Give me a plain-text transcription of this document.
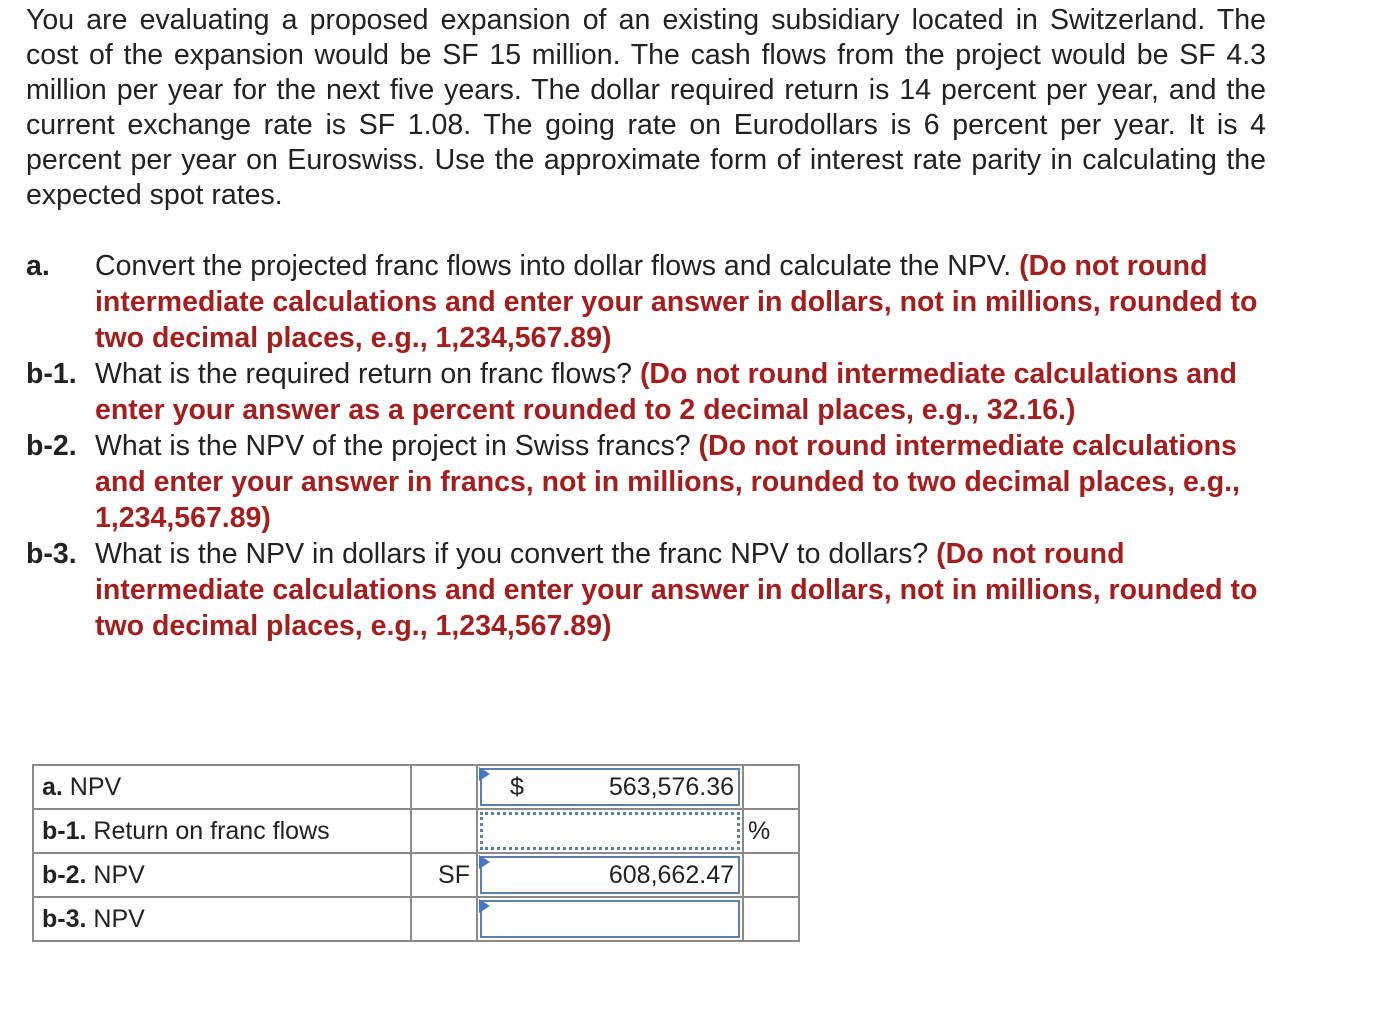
You are evaluating a proposed expansion of an existing subsidiary located in Switzerland. The cost of the expansion would be SF 15 million. The cash flows from the project would be SF 4.3 million per year for the next five years. The dollar required return is 14 percent per year, and the current exchange rate is SF 1.08. The going rate on Eurodollars is 6 percent per year. It is 4 percent per year on Euroswiss. Use the approximate form of interest rate parity in calculating the expected spot rates.
a.	Convert the projected franc flows into dollar flows and calculate the NPV. (Do not round intermediate calculations and enter your answer in dollars, not in millions, rounded to two decimal places, e.g., 1,234,567.89)
b-1. What is the required return on franc flows? (Do not round intermediate calculations and enter your answer as a percent rounded to 2 decimal places, e.g., 32.16.)
b-2. What is the NPV of the project in Swiss francs? (Do not round intermediate calculations and enter your answer in francs, not in millions, rounded to two decimal places, e.g., 1,234,567.89)
b-3. What is the NPV in dollars if you convert the franc NPV to dollars? (Do not round intermediate calculations and enter your answer in dollars, not in millions, rounded to two decimal places, e.g., 1,234,567.89)
a. NPV		$ 563,576.36	

b-1. Return on franc flows			%
b-2. NPV	SF	608,662.47	

b-3. NPV		
